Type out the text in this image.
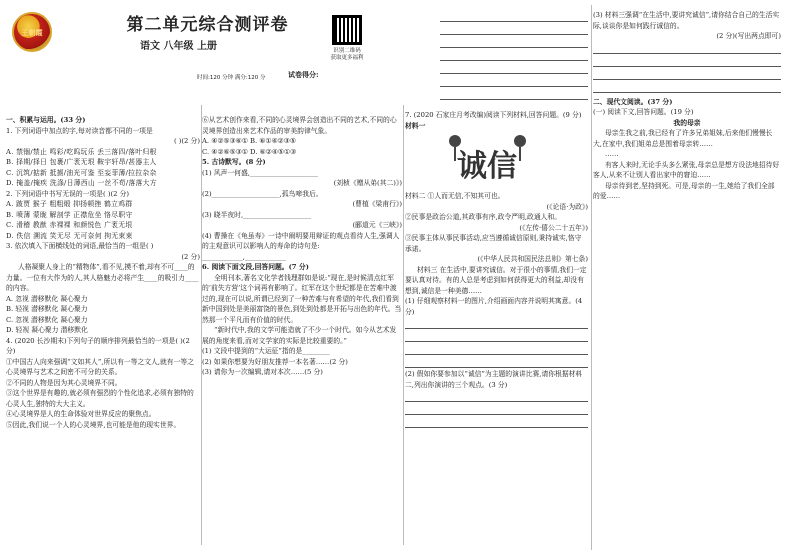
王朝霞	第二单元综合测评卷
语文 八年级 上册	识别二维码
获取更多福利
时间:120 分钟 满分:120 分	试卷得分:
一、积累与运用。(33 分)
1. 下列词语中加点的字,每对读音都不同的一项是
( )(2 分)
A. 禁锢/禁止 鸣彩/吃呜玩乐 丢三落四/落叶归根
B. 择期/择日 包裹/广袤无垠 鞍宇轩昂/甚器主人
C. 沉筑/掂新 抵掳/油光可鉴 至妄菲薄/拉拉杂杂
D. 掩盖/掩疾 洗涤/日薄西山 一丝不苟/落落大方
2. 下列词语中书写无误的一项是( )(2 分)
A. 跛贾 猴子 粗粗煅 抑扬顿挫 鹤立鸡群
B. 喷薄 蒙眬 解剖学 正襟危坐 恪尽职守
C. 滑稽 教猷 赤裸裸 和颜悦色 广袤无垠
D. 佚信 溯流 笑无尽 无可奈何 拘无束束
3. 依次填入下面横线处的词语,最恰当的一组是( )
(2 分)
人格凝聚人身上的“精物体”,看不见,摸不着,却有不可____的力量。一位有大作为的人,其人格魅力必将产生____的吸引力____的内容。
A. 忽视 潜移默化 凝心聚力
B. 轻视 潜移默化 凝心聚力
C. 忽视 潜移默化 凝心聚力
D. 轻视 凝心聚力 潜移默化
4. (2020 长沙期末)下列句子的顺序排列最恰当的一项是( )(2 分)
①中国古人向来强调“文如其人”,所以有一等之文人,就有一等之心灵境界与艺术之间密不可分的关系。
②不同的人物是因为其心灵境界不同。
③这个世界是有趣的,就必须有强烈的个性化追求,必须有独特的心灵人生,独特的大大主义。
④心灵境界是人的生命体验对世界反应的聚焦点。
⑤因此,我们说一个人的心灵境界,也可能是他的现实世界。
⑥从艺术创作来看,不同的心灵境界会创造出不同的艺术,不同的心灵境界创造出来艺术作品的审美韵律气象。
A. ④②⑤③⑥① B. ⑥①④②③⑤
C. ④②⑥⑤③① D. ⑥②④⑤①③
5. 古诗默写。(8 分)
(1) 风声一何盛,____________________
(刘桢《赠从弟(其二)》)
(2)____________________,孤鸟啼我后。
(曹植《梁甫行》)
(3) 晓半夜时,____________________
(郦道元《三峡》)
(4) 曹操在《龟虽寿》一诗中阐明要用辩证的观点看待人生,强调人的主观意识可以影响人的寿命的诗句是:
____________,____________
6. 阅读下面文段,回答问题。(7 分)
全明刊本,著名文化学者钱理群如是说:“现在,是时候清点红军的‘前失方营’这个词再有影响了。红军在这个世纪都是在苦难中渡过的,现在可以说,所谓已经到了一种苦难与有希望的年代,我们看到新中国到处是美丽富饶的景色,到处到处都是开拓与出色的年代。当然那一个平凡而有价值的时代。
“新时代中,我的文学可能造就了不少一个时代。如今从艺术发展的角度来看,而对文学家的实际是比较重要的。”
(1) 文段中提到的“大运征”指的是________
(2) 如果你想要为好朋友推荐一本名著……(2 分)
(3) 请你为一次编辑,请对本次……(5 分)
7. (2020 石家庄月考改编)阅读下列材料,回答问题。(9 分)
材料一
诚信
材料二 ①人而无信,不知其可也。
(《论语·为政》)
②民事是政治公道,其政事有序,政令严明,政通人和。
(《左传·僖公二十五年》)
③民事主体从事民事活动,应当遵循诚信原则,秉持诚实,恪守承诺。
(《中华人民共和国民法总则》第七条)
材料三 在生活中,要讲究诚信。对于很小的事情,我们一定要认真对待。有的人总是考虑到如何获得更大的利益,却没有想到,诚信是一种美德……
(1) 仔细观察材料一的图片,介绍画面内容并说明其寓意。(4 分)
(2) 假如你要参加以“诚信”为主题的演讲比赛,请你根据材料二,列出你演讲的三个观点。(3 分)
(3) 材料三强调“在生活中,要讲究诚信”,请你结合自己的生活实际,谈谈你是如何践行诚信的。
(2 分)(写出两点即可)
二、现代文阅读。(37 分)
(一) 阅读下文,回答问题。(19 分)
我的母亲
母亲生我之前,我已经有了许多兄弟姐妹,后来他们慢慢长大,在家中,我们姐弟总是围着母亲转……
……
有客人来时,无论手头多么紧张,母亲总是想方设法地招待好客人,从来不让别人看出家中的窘迫……
母亲待到老,坚持到死。可是,母亲的一生,她给了我们全部的爱……
